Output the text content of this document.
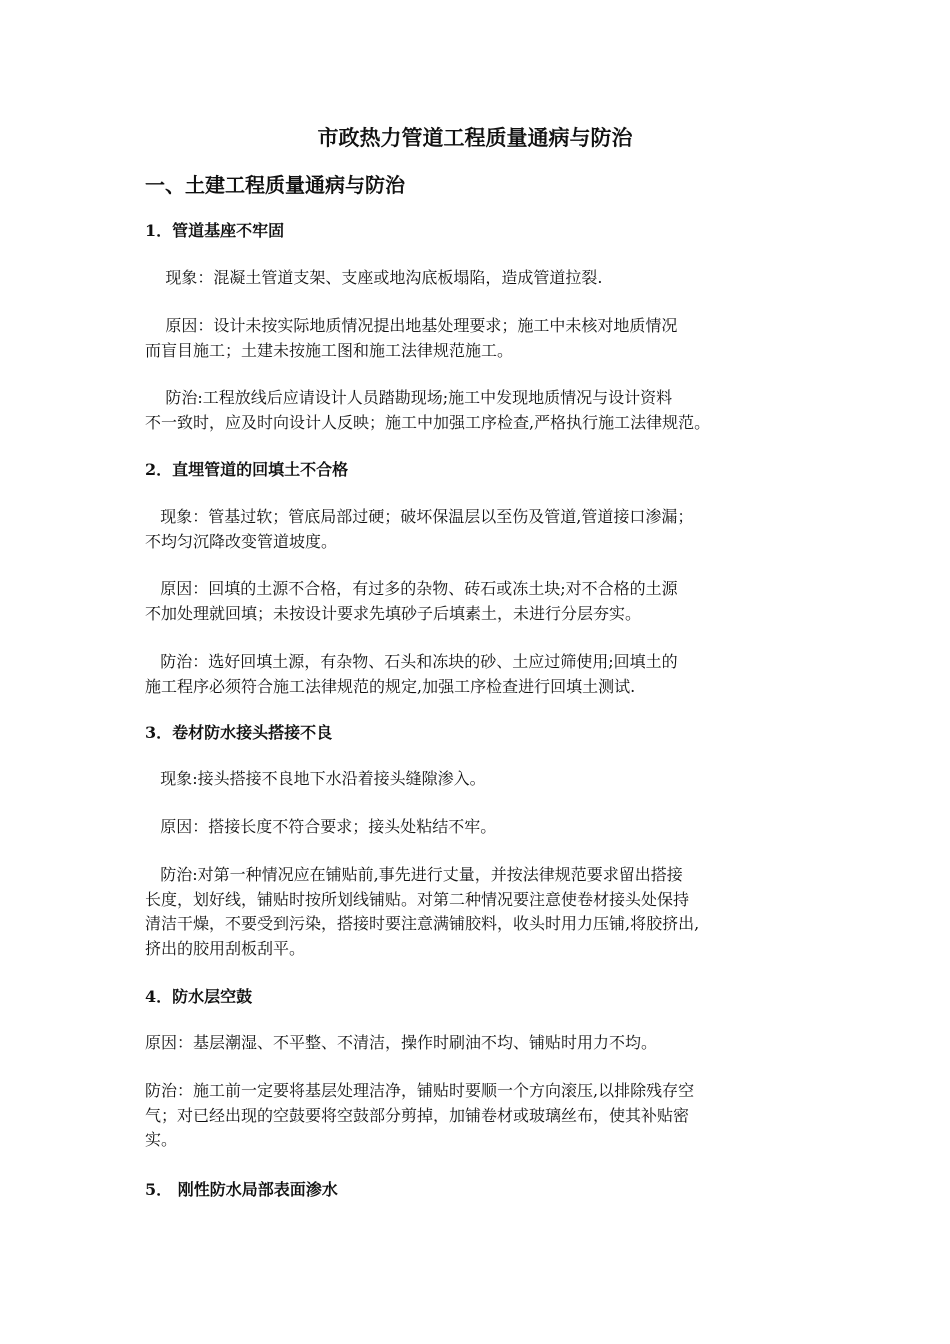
市政热力管道工程质量通病与防治
一、土建工程质量通病与防治
1．管道基座不牢固

现象：混凝土管道支架、支座或地沟底板塌陷，造成管道拉裂.

原因：设计未按实际地质情况提出地基处理要求；施工中未核对地质情况
而盲目施工；土建未按施工图和施工法律规范施工。

防治:工程放线后应请设计人员踏勘现场;施工中发现地质情况与设计资料
不一致时，应及时向设计人反映；施工中加强工序检查,严格执行施工法律规范。

2．直埋管道的回填土不合格

现象：管基过软；管底局部过硬；破坏保温层以至伤及管道,管道接口渗漏；
不均匀沉降改变管道坡度。

原因：回填的土源不合格，有过多的杂物、砖石或冻土块;对不合格的土源
不加处理就回填；未按设计要求先填砂子后填素土，未进行分层夯实。

防治：选好回填土源，有杂物、石头和冻块的砂、土应过筛使用;回填土的
施工程序必须符合施工法律规范的规定,加强工序检查进行回填土测试.

3．卷材防水接头搭接不良

现象:接头搭接不良地下水沿着接头缝隙渗入。

原因：搭接长度不符合要求；接头处粘结不牢。

防治:对第一种情况应在铺贴前,事先进行丈量，并按法律规范要求留出搭接
长度，划好线，铺贴时按所划线铺贴。对第二种情况要注意使卷材接头处保持
清洁干燥，不要受到污染，搭接时要注意满铺胶料，收头时用力压铺,将胶挤出,
挤出的胶用刮板刮平。

4．防水层空鼓

原因：基层潮湿、不平整、不清洁，操作时刷油不均、铺贴时用力不均。

防治：施工前一定要将基层处理洁净，铺贴时要顺一个方向滚压,以排除残存空
气；对已经出现的空鼓要将空鼓部分剪掉，加铺卷材或玻璃丝布，使其补贴密
实。

5． 刚性防水局部表面渗水
